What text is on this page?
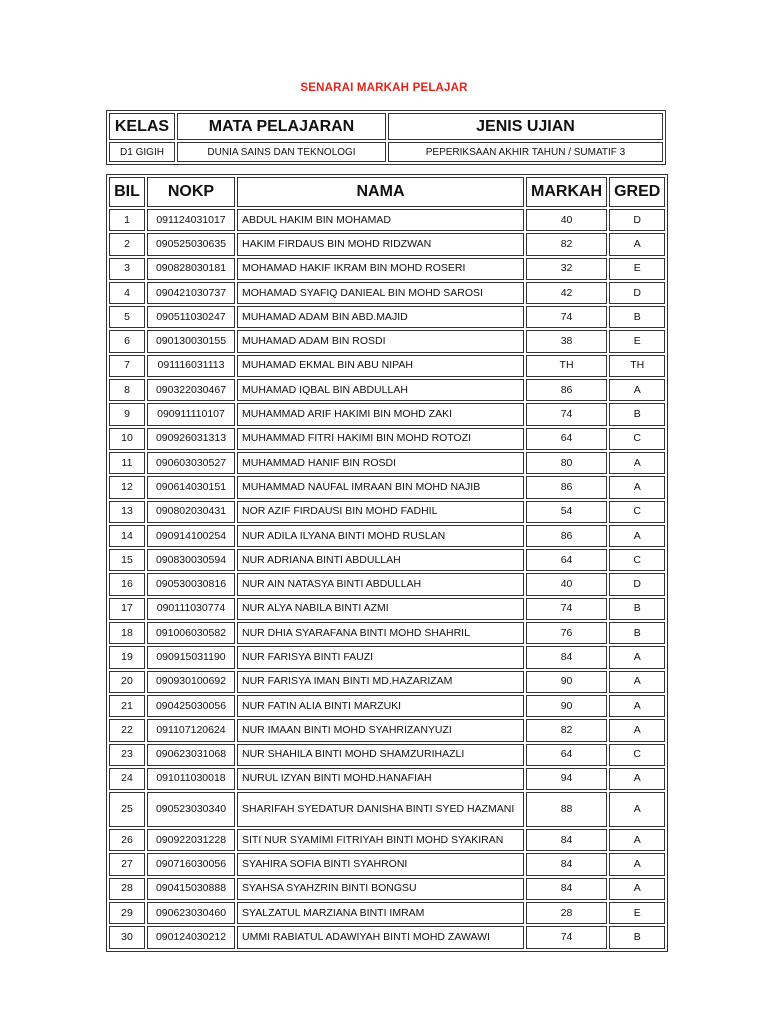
SENARAI MARKAH PELAJAR
KELAS	MATA PELAJARAN	JENIS UJIAN
D1 GIGIH	DUNIA SAINS DAN TEKNOLOGI	PEPERIKSAAN AKHIR TAHUN / SUMATIF 3
BIL	NOKP	NAMA	MARKAH	GRED
1	091124031017	ABDUL HAKIM BIN MOHAMAD	40	D
2	090525030635	HAKIM FIRDAUS BIN MOHD RIDZWAN	82	A
3	090828030181	MOHAMAD HAKIF IKRAM BIN MOHD ROSERI	32	E
4	090421030737	MOHAMAD SYAFIQ DANIEAL BIN MOHD SAROSI	42	D
5	090511030247	MUHAMAD ADAM BIN ABD.MAJID	74	B
6	090130030155	MUHAMAD ADAM BIN ROSDI	38	E
7	091116031113	MUHAMAD EKMAL BIN ABU NIPAH	TH	TH
8	090322030467	MUHAMAD IQBAL BIN ABDULLAH	86	A
9	090911110107	MUHAMMAD ARIF HAKIMI BIN MOHD ZAKI	74	B
10	090926031313	MUHAMMAD FITRI HAKIMI BIN MOHD ROTOZI	64	C
11	090603030527	MUHAMMAD HANIF BIN ROSDI	80	A
12	090614030151	MUHAMMAD NAUFAL IMRAAN BIN MOHD NAJIB	86	A
13	090802030431	NOR AZIF FIRDAUSI BIN MOHD FADHIL	54	C
14	090914100254	NUR ADILA ILYANA BINTI MOHD RUSLAN	86	A
15	090830030594	NUR ADRIANA BINTI ABDULLAH	64	C
16	090530030816	NUR AIN NATASYA BINTI ABDULLAH	40	D
17	090111030774	NUR ALYA NABILA BINTI AZMI	74	B
18	091006030582	NUR DHIA SYARAFANA BINTI MOHD SHAHRIL	76	B
19	090915031190	NUR FARISYA BINTI FAUZI	84	A
20	090930100692	NUR FARISYA IMAN BINTI MD.HAZARIZAM	90	A
21	090425030056	NUR FATIN ALIA BINTI MARZUKI	90	A
22	091107120624	NUR IMAAN BINTI MOHD SYAHRIZANYUZI	82	A
23	090623031068	NUR SHAHILA BINTI MOHD SHAMZURIHAZLI	64	C
24	091011030018	NURUL IZYAN BINTI MOHD.HANAFIAH	94	A
25	090523030340	SHARIFAH SYEDATUR DANISHA BINTI SYED HAZMANI	88	A
26	090922031228	SITI NUR SYAMIMI FITRIYAH BINTI MOHD SYAKIRAN	84	A
27	090716030056	SYAHIRA SOFIA BINTI SYAHRONI	84	A
28	090415030888	SYAHSA SYAHZRIN BINTI BONGSU	84	A
29	090623030460	SYALZATUL MARZIANA BINTI IMRAM	28	E
30	090124030212	UMMI RABIATUL ADAWIYAH BINTI MOHD ZAWAWI	74	B
